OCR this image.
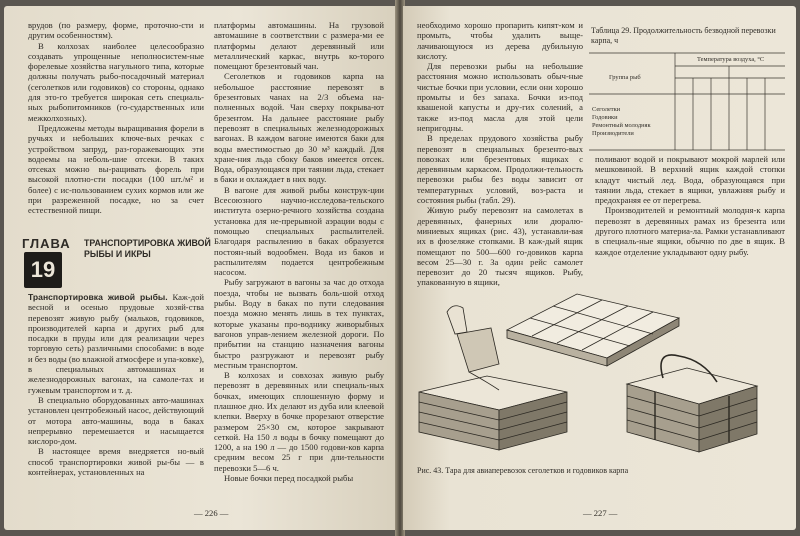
врудов (по размеру, форме, проточно-сти и другим особенностям).

В колхозах наиболее целесообразно создавать упрощенные неполносистем-ные форелевые хозяйства нагульного типа, которые должны получать рыбо-посадочный материал (сеголетков или годовиков) со стороны, однако для это-го требуется широкая сеть специаль-ных рыбопитомников (го-сударственных или межколхозных).

Предложены методы выращивания форели в ручьях и небольших ключе-вых речках с устройством запруд, раз-горажевающих эти водоемы на неболь-шие отсеки. В таких отсеках можно вы-ращивать форель при высокой плотно-сти посадки (100 шт./м² и более) с ис-пользованием сухих кормов или же при разреженной посадке, но за счет естественной пищи.

ГЛАВА
19
ТРАНСПОРТИРОВКА ЖИВОЙ РЫБЫ И ИКРЫ

Транспортировка живой рыбы. Каж-дой весной и осенью прудовые хозяй-ства перевозят живую рыбу (мальков, годовиков, производителей карпа и других рыб для посадки в пруды или для реализации через торговую сеть) различными способами: в воде и без воды (во влажной атмосфере и упа-ковке), в специальных автомашинах и железнодорожных вагонах, на самоле-тах и гужевым транспортом и т. д.

В специально оборудованных авто-машинах установлен центробежный насос, действующий от мотора авто-машины, вода в баках непрерывно перемешается и насыщается кислоро-дом.

В настоящее время внедряется но-вый способ транспортировки живой ры-бы — в контейнерах, установленных на

платформы автомашины. На грузовой автомашине в соответствии с размера-ми ее платформы делают деревянный или металлический каркас, внутрь ко-торого помещают брезентовый чан.

Сеголетков и годовиков карпа на небольшое расстояние перевозят в брезентовых чанах на 2/3 объема на-полненных водой. Чан сверху покрыва-ют брезентом. На дальнее расстояние рыбу перевозят в специальных железнодорожных вагонах. В каждом вагоне имеются баки для воды вместимостью до 30 м³ каждый. Для хране-ния льда сбоку баков имеется отсек. Вода, образующаяся при таянии льда, стекает в баки и охлаждает в них воду.

В вагоне для живой рыбы конструк-ции Всесоюзного научно-исследова-тельского института озерно-речного хозяйства создана установка для не-прерывной аэрации воды с помощью специальных распылителей. Благодаря распылению в баках образуется постоян-ный водообмен. Вода из баков и распылителям подается центробежным насосом.

Рыбу загружают в вагоны за час до отхода поезда, чтобы не вызвать боль-шой отход рыбы. Воду в баках по пути следования поезда можно менять лишь в тех пунктах, которые указаны про-воднику живорыбных вагонов управ-лением железной дороги. По прибытии на станцию назначения вагоны быстро разгружают и перевозят рыбу местным транспортом.

В колхозах и совхозах живую рыбу перевозят в деревянных или специаль-ных бочках, имеющих сплошенную форму и плашное дно. Их делают из дуба или клеевой клепки. Вверху в бочке прорезают отверстие размером 25×30 см, которое закрывают сеткой. На 150 л воды в бочку помещают до 1200, а на 190 л — до 1500 годови-ков карпа средним весом 25 г при дли-тельности перевозки 5—6 ч.

Новые бочки перед посадкой рыбы

— 226 —

необходимо хорошо пропарить кипят-ком и промыть, чтобы удалить выще-лачивающуюся из дерева дубильную кислоту.

Для перевозки рыбы на небольшие расстояния можно использовать обыч-ные чистые бочки при условии, если они хорошо промыты и без запаха. Бочки из-под квашеной капусты и дру-гих солений, а также из-под масла для этой цели непригодны.

В пределах прудового хозяйства рыбу перевозят в специальных брезенто-вых повозках или брезентовых ящиках с деревянным каркасом. Продолжи-тельность перевозки рыбы без воды зависит от температурных условий, воз-раста и состояния рыбы (табл. 29).

Живую рыбу перевозят на самолетах в деревянных, фанерных или дюралю-миниевых ящиках (рис. 43), устанавли-вая их в фюзеляже стопками. В каж-дый ящик помещают по 500—600 го-довиков карпа весом 25—30 г. За один рейс самолет перевозит до 20 тысяч ящиков. Рыбу, упакованную в ящики,

Таблица 29. Продолжительность безводной перевозки карпа, ч
Температура воздуха, °C
Группа рыб
Сеголетки
Годовики
Ремонтный молодняк
Производители

поливают водой и покрывают мокрой марлей или мешковиной. В верхний ящик каждой стопки кладут чистый лед. Вода, образующаяся при таянии льда, стекает в ящики, увлажняя рыбу и предохраняя ее от перегрева.

Производителей и ремонтный молодня-к карпа перевозят в деревянных рамах из брезента или другого плотного материа-ла. Рамки устанавливают в специаль-ные ящики, обычно по две в ящик. В каждое отделение укладывают одну рыбу.

Рис. 43. Тара для авиаперевозок сеголетков и годовиков карпа
— 227 —
